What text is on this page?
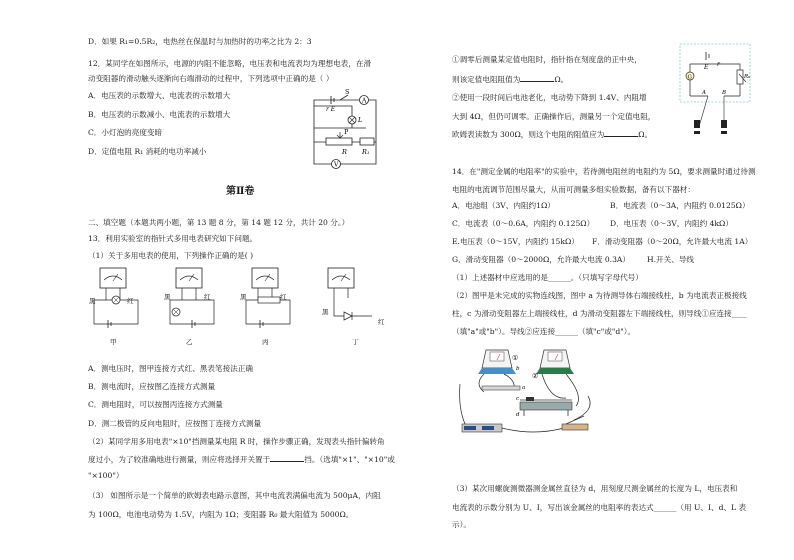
D．如果 R₁=0.5R₂，电热丝在保温时与加热时的功率之比为 2：3
12．某同学在如图所示，电源的内阻不能忽略，电压表和电流表均为理想电表，在滑
动变阻器的滑动触头逐渐向右端滑动的过程中，下列选项中正确的是（ ）
A．电压表的示数增大、电流表的示数增大
B．电压表的示数减小、电流表的示数增大
C．小灯泡的亮度变暗
D．定值电阻 R₁ 消耗的电功率减小
r E
S
A
L
P
R R₁
V
第Ⅱ卷
二、填空题（本题共两小题，第 13 题 8 分，第 14 题 12 分，共计 20 分。）
13．利用实验室的指针式多用电表研究如下问题。
（1）关于多用电表的使用，下列操作正确的是( )
黑	红
甲
黑	红
乙
黑	红
丙
黑
红
丁
A．测电压时，图甲连接方式红、黑表笔接法正确
B．测电流时，应按图乙连接方式测量
C．测电阻时，可以按图丙连接方式测量
D．测二极管的反向电阻时，应按图丁连接方式测量
（2）某同学用多用电表"×10"挡测量某电阻 R 时，操作步骤正确，发现表头指针偏转角
度过小，为了较准确地进行测量，则应将选择开关置于	挡。（选填"×1"、"×10"或
"×100"）
（3） 如图所示是一个简单的欧姆表电路示意图，其中电流表满偏电流为 500μA，内阻
为 100Ω，电池电动势为 1.5V，内阻为 1Ω；变阻器 R₀ 最大阻值为 5000Ω。
①调零后测量某定值电阻时，指针指在刻度盘的正中央，
则该定值电阻阻值为	Ω。
②使用一段时间后电池老化，电动势下降到 1.4V、内阻增
大到 4Ω，但仍可调零。正确操作后，测量另一个定值电阻，
欧姆表读数为 300Ω，则这个电阻的阻值应为	Ω。
E r
G	R₀
A	B
14．在"测定金属的电阻率"的实验中，若待测电阻丝的电阻约为 5Ω，要求测量时通过待测
电阻的电流调节范围尽量大，从而可测量多组实验数据，备有以下器材：
A．电池组（3V、内阻约1Ω）	B．电流表（0～3A，内阻约 0.0125Ω）
C．电流表（0～0.6A，内阻约 0.125Ω） D．电压表（0～3V，内阻约 4kΩ）
E.电压表（0～15V，内阻约 15kΩ） F．滑动变阻器（0～20Ω，允许最大电流 1A）
G．滑动变阻器（0～2000Ω，允许最大电流 0.3A） H.开关、导线
（1）上述器材中应选用的是______。（只填写字母代号）
（2）图甲是未完成的实物连线图，图中 a 为待测导体右端接线柱，b 为电流表正极接线
柱，c 为滑动变阻器左上端接线柱，d 为滑动变阻器左下端接线柱，则导线①应连接____
（填"a"或"b"）。导线②应连接______（填"c"或"d"）。
①
②
a
b
c
d
（3）某次用螺旋测微器测金属丝直径为 d，用刻度尺测金属丝的长度为 L，电压表和
电流表的示数分别为 U、I，写出该金属丝的电阻率的表达式______（用 U、I、d、L 表
示）。
